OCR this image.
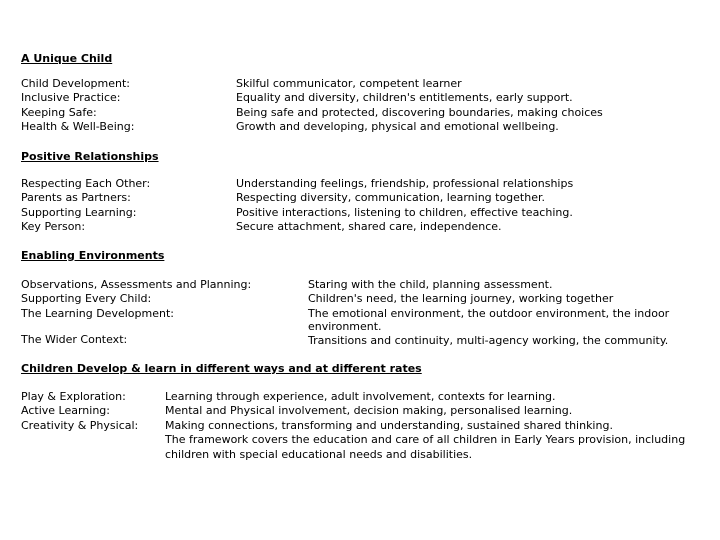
A Unique Child
Child Development:
Inclusive Practice:
Keeping Safe:
Health & Well-Being:
Skilful communicator, competent learner
Equality and diversity, children's entitlements, early support.
Being safe and protected, discovering boundaries, making choices
Growth and developing, physical and emotional wellbeing.
Positive Relationships
Respecting Each Other:
Parents as Partners:
Supporting Learning:
Key Person:
Understanding feelings, friendship, professional relationships
Respecting diversity, communication, learning together.
Positive interactions, listening to children, effective teaching.
Secure attachment, shared care, independence.
Enabling Environments
Observations, Assessments and Planning:
Supporting Every Child:
The Learning Development:
The Wider Context:
Staring with the child, planning assessment.
Children's need, the learning journey, working together
The emotional environment, the outdoor environment, the indoor environment.
Transitions and continuity, multi-agency working, the community.
Children Develop & learn in different ways and at different rates
Play & Exploration:
Active Learning:
Creativity & Physical:
Learning through experience, adult involvement, contexts for learning.
Mental and Physical involvement, decision making, personalised learning.
Making connections, transforming and understanding, sustained shared thinking.
The framework covers the education and care of all children in Early Years provision, including children with special educational needs and disabilities.
